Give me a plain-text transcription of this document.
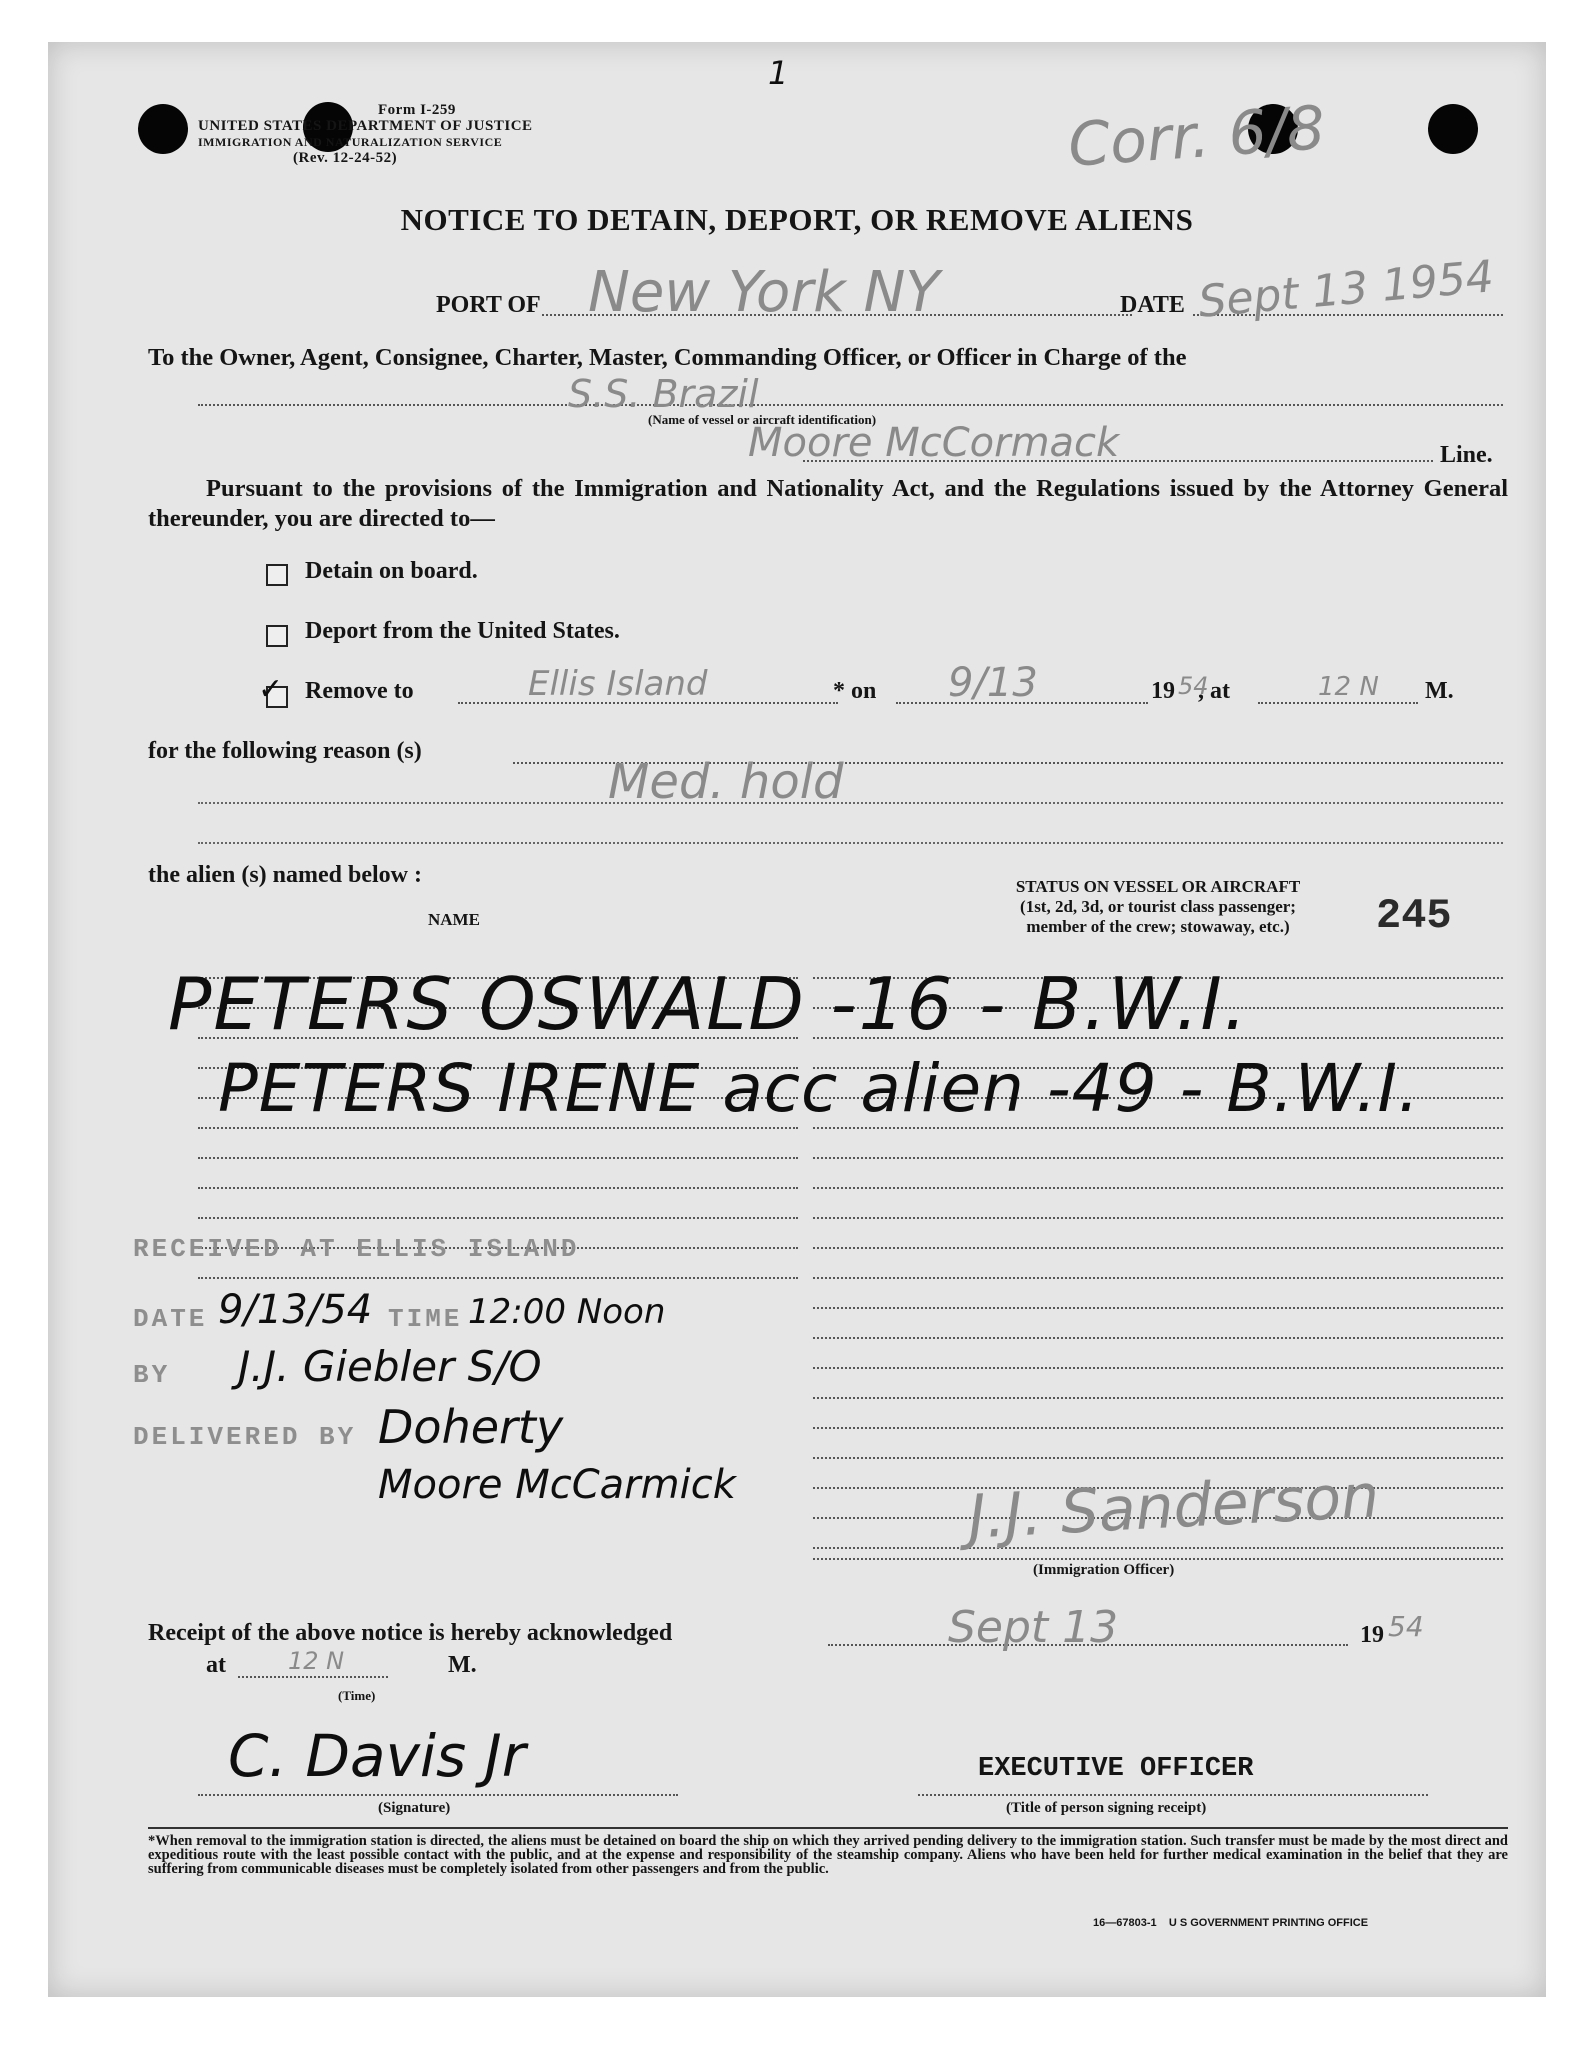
1
Form I-259
UNITED STATES DEPARTMENT OF JUSTICE
IMMIGRATION AND NATURALIZATION SERVICE
(Rev. 12-24-52)	Corr. 6/8
NOTICE TO DETAIN, DEPORT, OR REMOVE ALIENS
PORT OF New York NY	DATE Sept 13 1954
To the Owner, Agent, Consignee, Charter, Master, Commanding Officer, or Officer in Charge of the
S.S. Brazil
(Name of vessel or aircraft identification)
Moore McCormack	Line.
Pursuant to the provisions of the Immigration and Nationality Act, and the Regulations issued by the Attorney General thereunder, you are directed to—
Detain on board.
Deport from the United States.
✓ Remove to	Ellis Island	* on 9/13	19 54
, at	12 N M.
for the following reason (s)
Med. hold
the alien (s) named below :
NAME
STATUS ON VESSEL OR AIRCRAFT
(1st, 2d, 3d, or tourist class passenger;
member of the crew; stowaway, etc.)	245
PETERS OSWALD -16 - B.W.I.
PETERS IRENE acc alien -49 - B.W.I.
RECEIVED AT ELLIS ISLAND
DATE 9/13/54 TIME 12:00 Noon
BY J.J. Giebler S/O
DELIVERED BY Doherty
Moore McCarmick	J.J. Sanderson
(Immigration Officer)
Receipt of the above notice is hereby acknowledged	Sept 13	19 54
at	12 N	M.
(Time)
C. Davis Jr
(Signature)
EXECUTIVE OFFICER
(Title of person signing receipt)
*When removal to the immigration station is directed, the aliens must be detained on board the ship on which they arrived pending delivery to the immigration station. Such transfer must be made by the most direct and expeditious route with the least possible contact with the public, and at the expense and responsibility of the steamship company. Aliens who have been held for further medical examination in the belief that they are suffering from communicable diseases must be completely isolated from other passengers and from the public.
16—67803-1    U S GOVERNMENT PRINTING OFFICE
